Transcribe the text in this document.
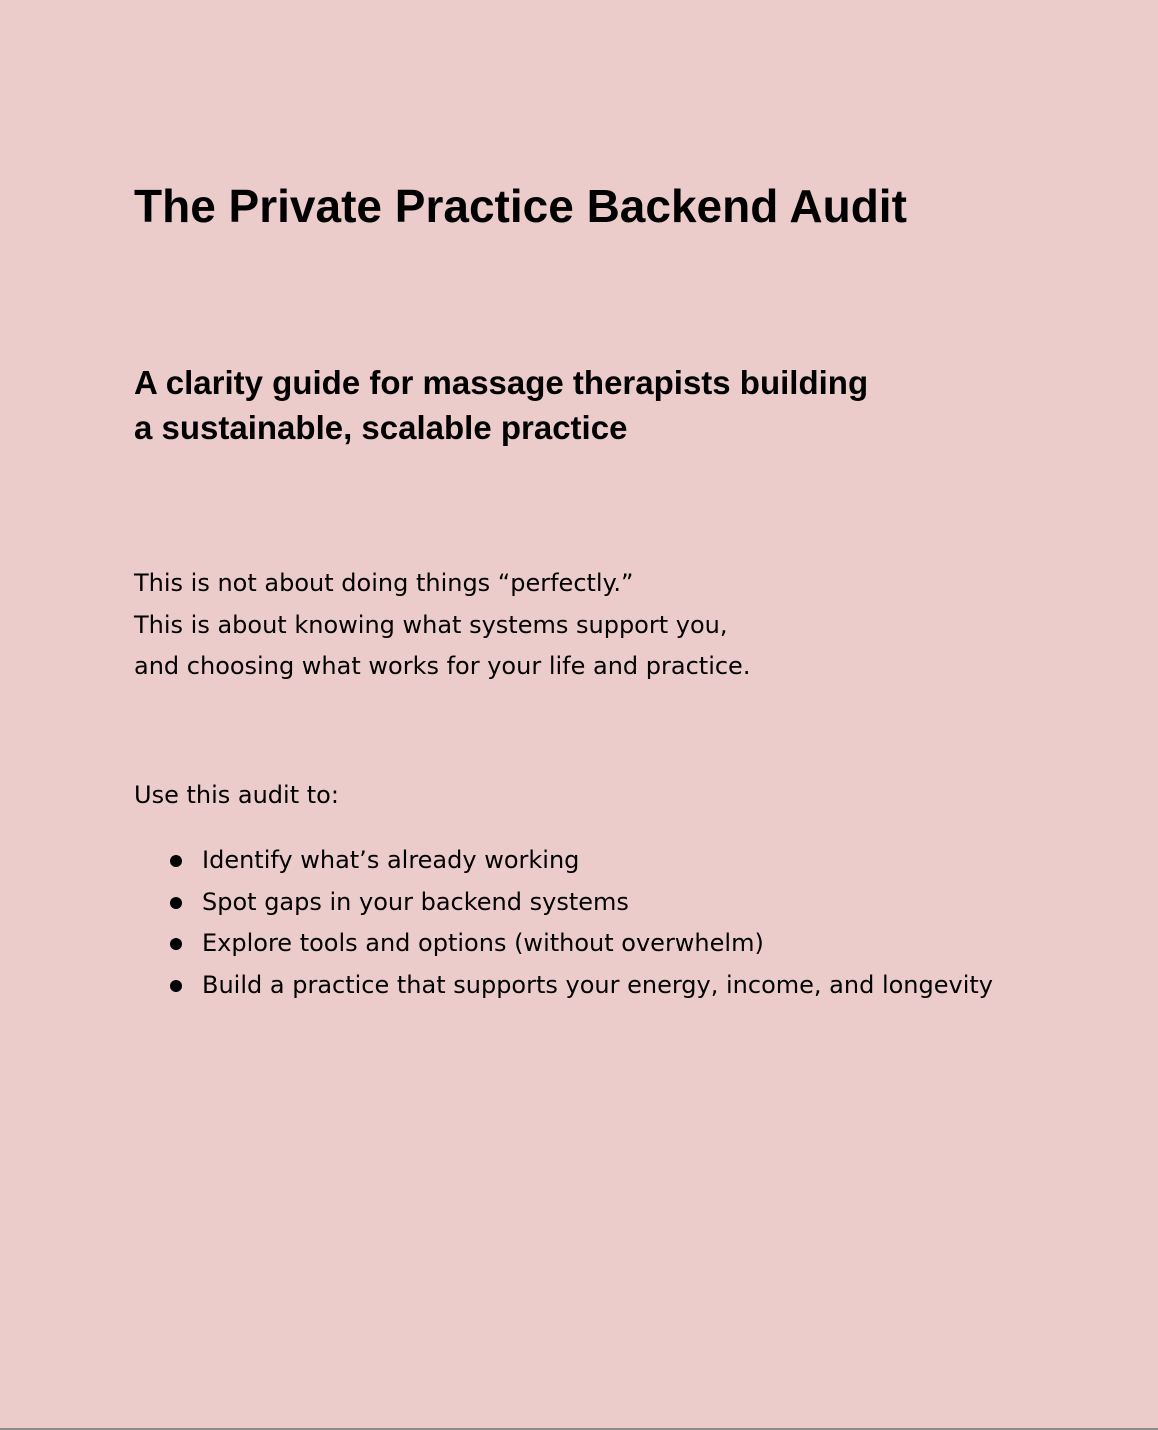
The Private Practice Backend Audit
A clarity guide for massage therapists building
a sustainable, scalable practice

This is not about doing things “perfectly.”
This is about knowing what systems support you,
and choosing what works for your life and practice.

Use this audit to:

Identify what’s already working
Spot gaps in your backend systems
Explore tools and options (without overwhelm)
Build a practice that supports your energy, income, and longevity
